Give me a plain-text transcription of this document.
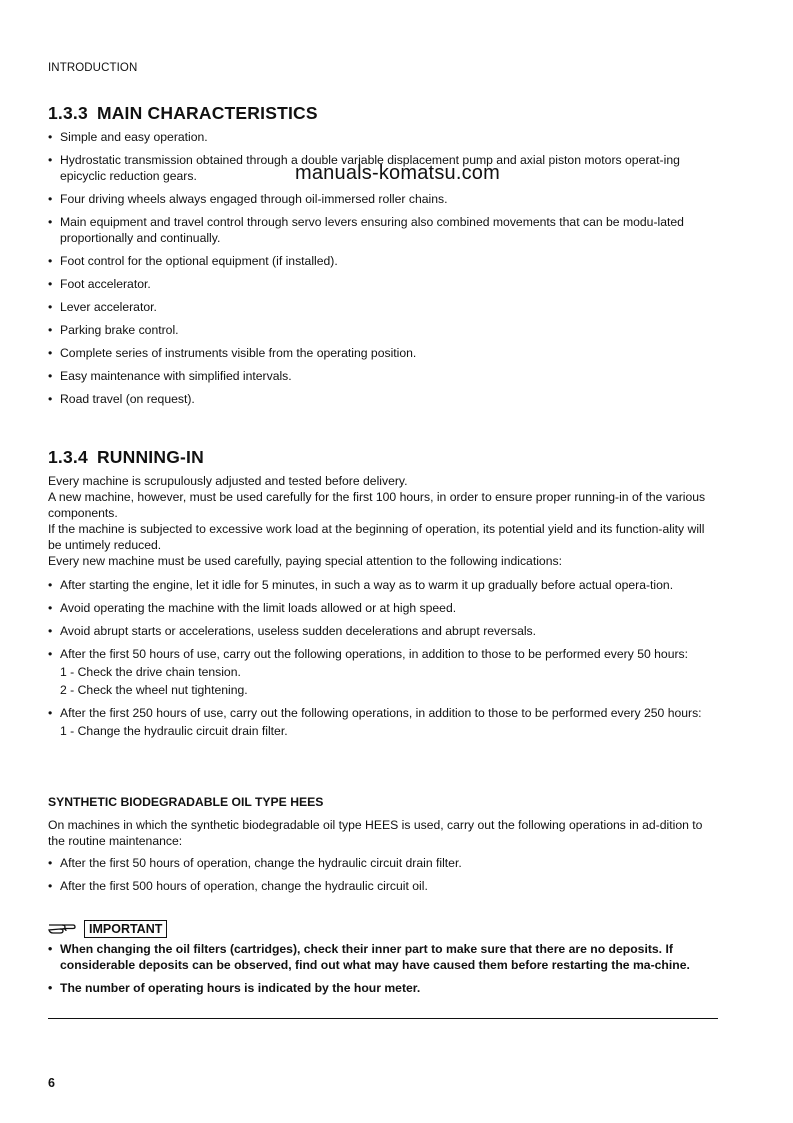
INTRODUCTION
1.3.3 MAIN CHARACTERISTICS
• Simple and easy operation.
• Hydrostatic transmission obtained through a double variable displacement pump and axial piston motors operat-ing epicyclic reduction gears.
• Four driving wheels always engaged through oil-immersed roller chains.
• Main equipment and travel control through servo levers ensuring also combined movements that can be modu-lated proportionally and continually.
• Foot control for the optional equipment (if installed).
• Foot accelerator.
• Lever accelerator.
• Parking brake control.
• Complete series of instruments visible from the operating position.
• Easy maintenance with simplified intervals.
• Road travel (on request).
manuals-komatsu.com
1.3.4 RUNNING-IN

Every machine is scrupulously adjusted and tested before delivery.

A new machine, however, must be used carefully for the first 100 hours, in order to ensure proper running-in of the various components.

If the machine is subjected to excessive work load at the beginning of operation, its potential yield and its function-ality will be untimely reduced.

Every new machine must be used carefully, paying special attention to the following indications:

• After starting the engine, let it idle for 5 minutes, in such a way as to warm it up gradually before actual opera-tion.
• Avoid operating the machine with the limit loads allowed or at high speed.
• Avoid abrupt starts or accelerations, useless sudden decelerations and abrupt reversals.
• After the first 50 hours of use, carry out the following operations, in addition to those to be performed every 50 hours:
1 - Check the drive chain tension.
2 - Check the wheel nut tightening.
• After the first 250 hours of use, carry out the following operations, in addition to those to be performed every 250 hours:
1 - Change the hydraulic circuit drain filter.
SYNTHETIC BIODEGRADABLE OIL TYPE HEES

On machines in which the synthetic biodegradable oil type HEES is used, carry out the following operations in ad-dition to the routine maintenance:

• After the first 50 hours of operation, change the hydraulic circuit drain filter.
• After the first 500 hours of operation, change the hydraulic circuit oil.
IMPORTANT
• When changing the oil filters (cartridges), check their inner part to make sure that there are no deposits. If considerable deposits can be observed, find out what may have caused them before restarting the ma-chine.
• The number of operating hours is indicated by the hour meter.
6
